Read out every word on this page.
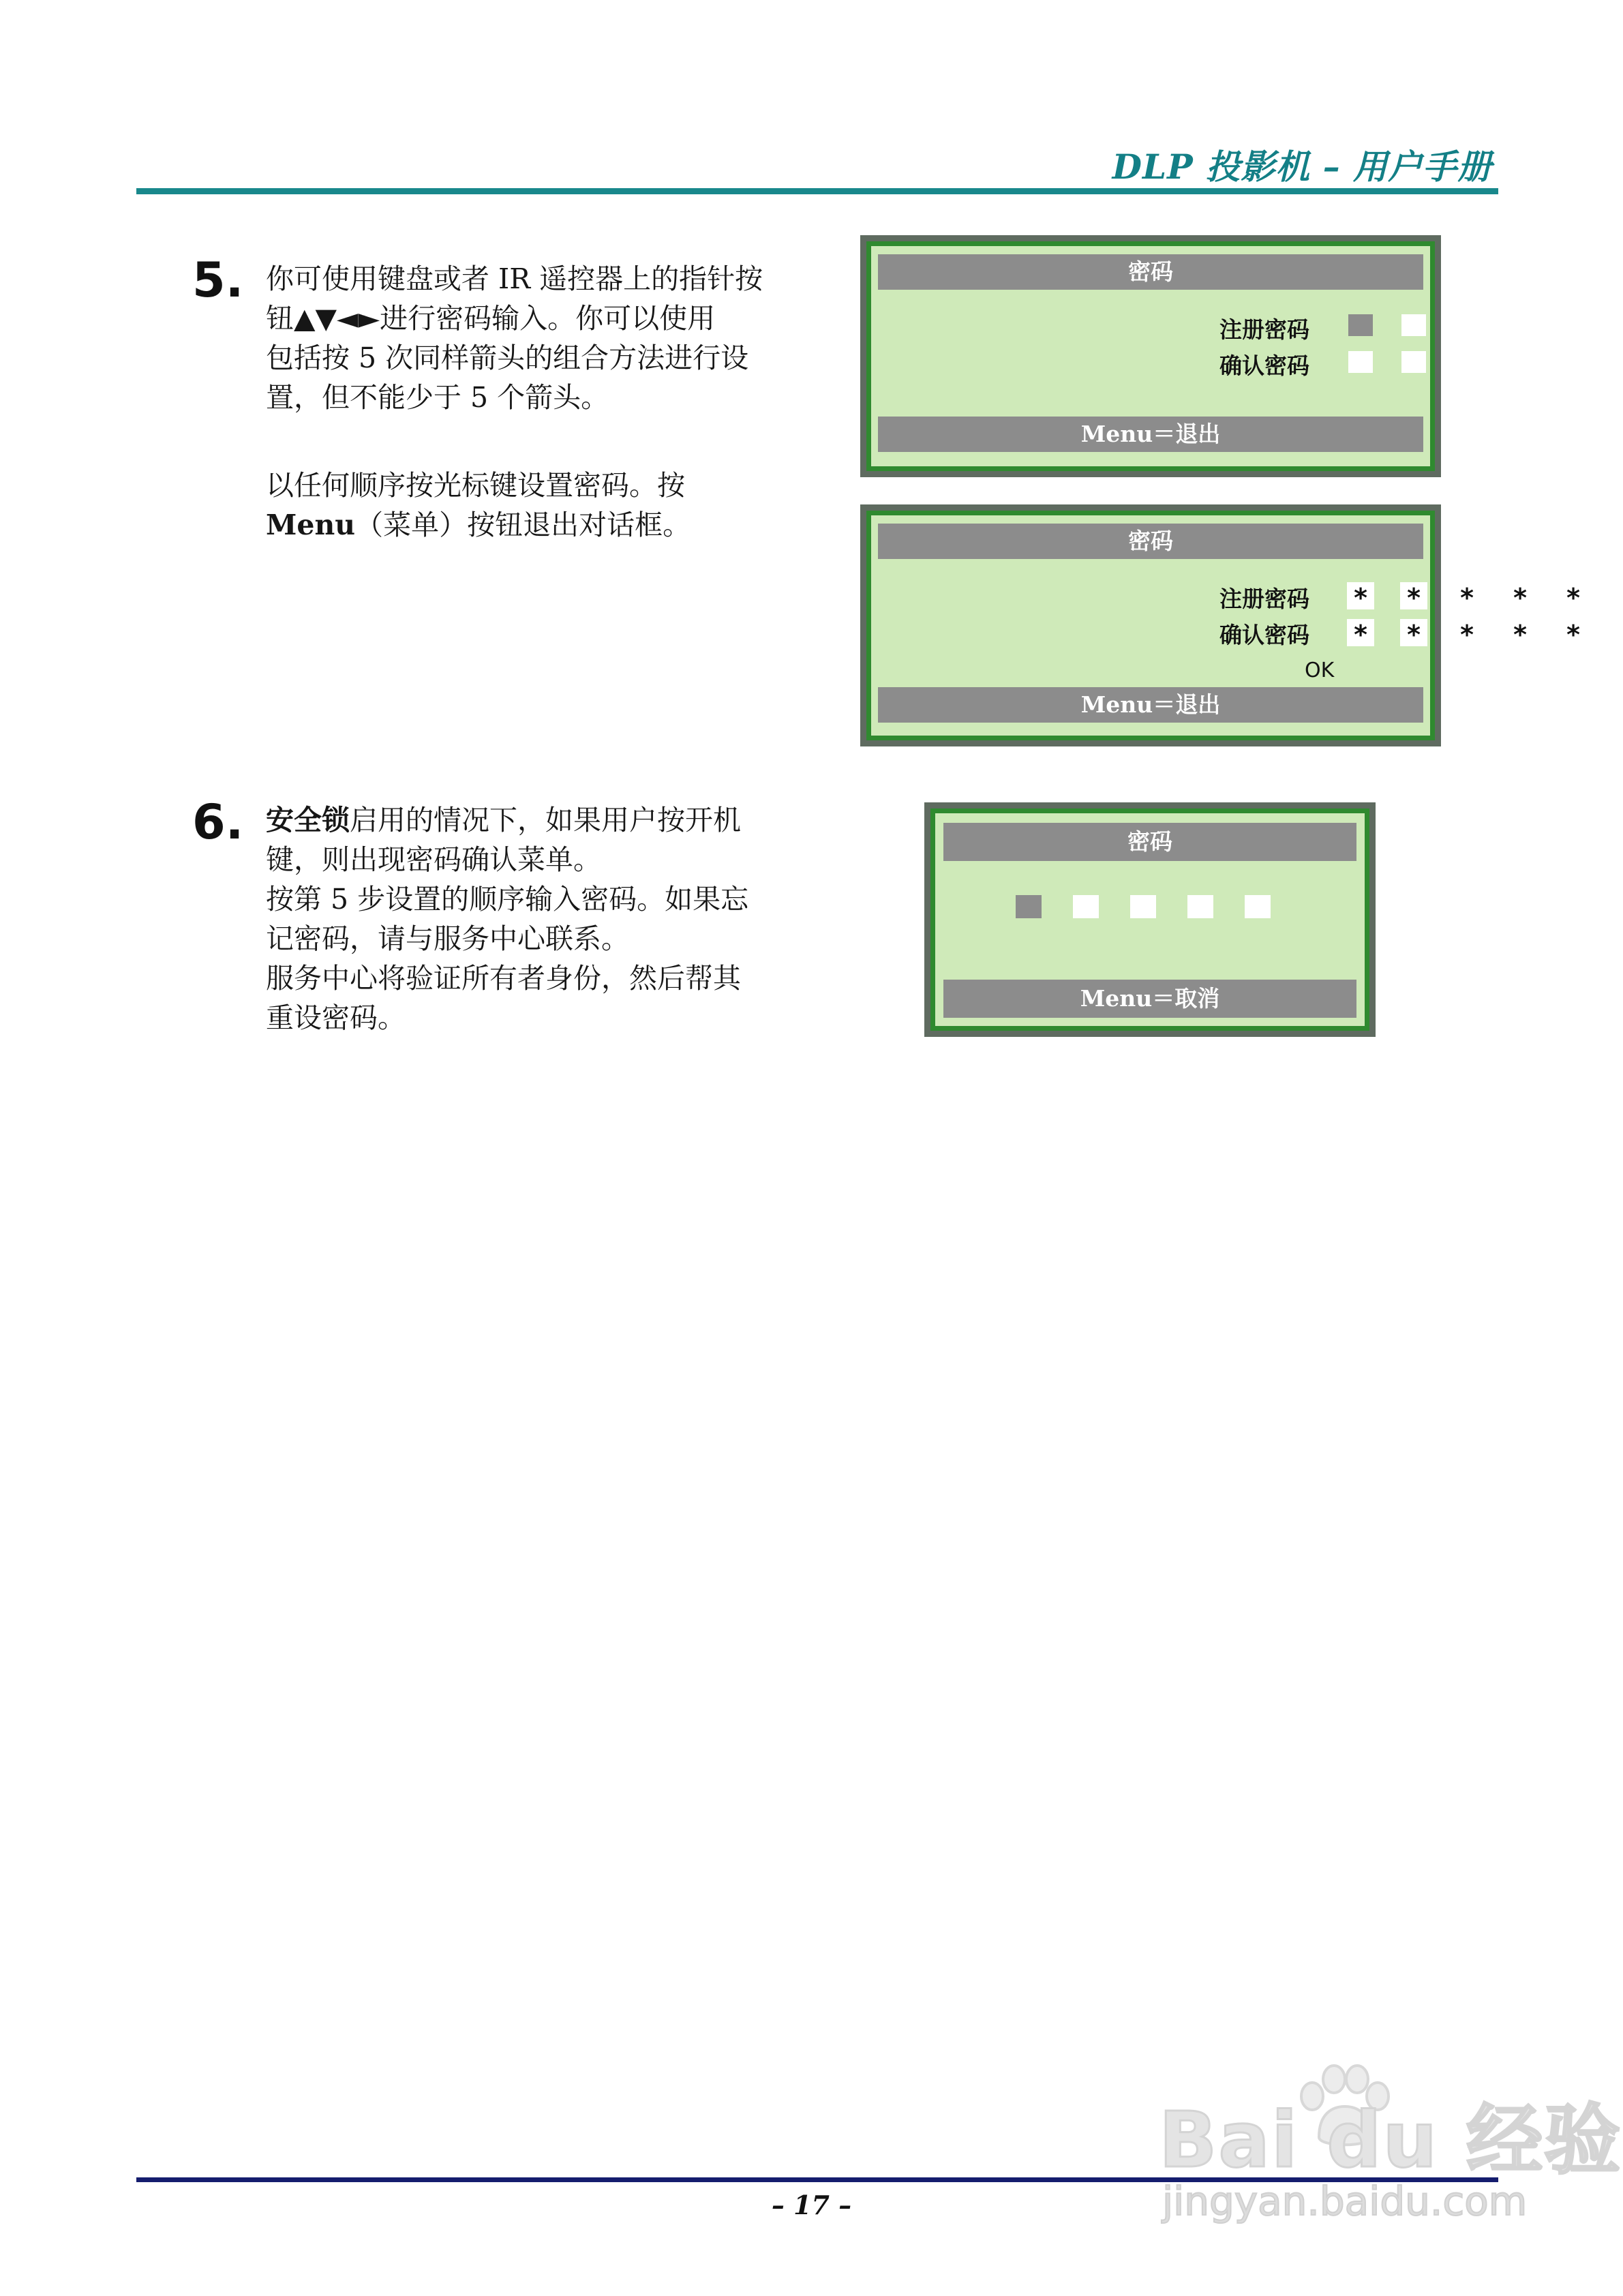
DLP 投影机 – 用户手册
5. 你可使用键盘或者 IR 遥控器上的指针按
钮▲▼◄►进行密码输入。你可以使用
包括按 5 次同样箭头的组合方法进行设
置，但不能少于 5 个箭头。
以任何顺序按光标键设置密码。按
Menu（菜单）按钮退出对话框。
密码
注册密码
确认密码
Menu＝退出
密码
注册密码
确认密码
* * * * *
* * * * *
OK
Menu＝退出
6. 安全锁启用的情况下，如果用户按开机
键，则出现密码确认菜单。
按第 5 步设置的顺序输入密码。如果忘
记密码，请与服务中心联系。
服务中心将验证所有者身份，然后帮其
重设密码。
密码
Menu＝取消
– 17 –
Bai du 经验
jingyan.baidu.com
